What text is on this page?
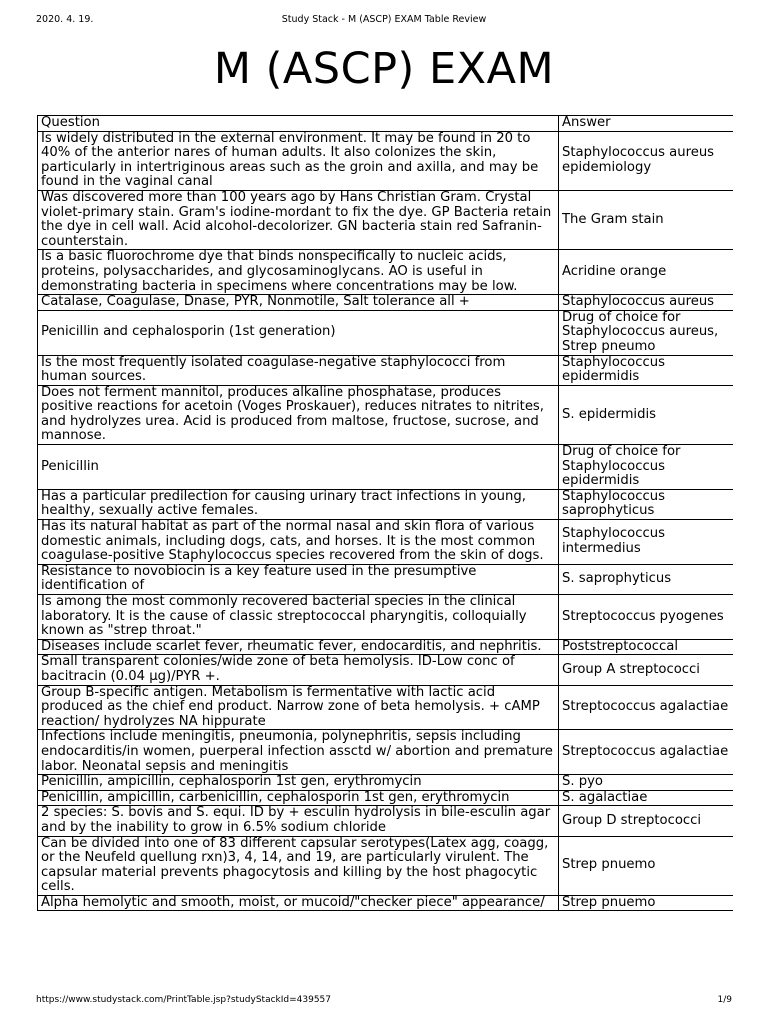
2020. 4. 19.	Study Stack - M (ASCP) EXAM Table Review
M (ASCP) EXAM
Question	Answer
Is widely distributed in the external environment. It may be found in 20 to 40% of the anterior nares of human adults. It also colonizes the skin, particularly in intertriginous areas such as the groin and axilla, and may be found in the vaginal canal	Staphylococcus aureus epidemiology
Was discovered more than 100 years ago by Hans Christian Gram. Crystal violet-primary stain. Gram's iodine-mordant to fix the dye. GP Bacteria retain the dye in cell wall. Acid alcohol-decolorizer. GN bacteria stain red Safranin-counterstain.	The Gram stain
Is a basic fluorochrome dye that binds nonspecifically to nucleic acids, proteins, polysaccharides, and glycosaminoglycans. AO is useful in demonstrating bacteria in specimens where concentrations may be low.	Acridine orange
Catalase, Coagulase, Dnase, PYR, Nonmotile, Salt tolerance all +	Staphylococcus aureus
Penicillin and cephalosporin (1st generation)	Drug of choice for Staphylococcus aureus, Strep pneumo
Is the most frequently isolated coagulase-negative staphylococci from human sources.	Staphylococcus epidermidis
Does not ferment mannitol, produces alkaline phosphatase, produces positive reactions for acetoin (Voges Proskauer), reduces nitrates to nitrites, and hydrolyzes urea. Acid is produced from maltose, fructose, sucrose, and mannose.	S. epidermidis
Penicillin	Drug of choice for Staphylococcus epidermidis
Has a particular predilection for causing urinary tract infections in young, healthy, sexually active females.	Staphylococcus saprophyticus
Has its natural habitat as part of the normal nasal and skin flora of various domestic animals, including dogs, cats, and horses. It is the most common coagulase-positive Staphylococcus species recovered from the skin of dogs.	Staphylococcus intermedius
Resistance to novobiocin is a key feature used in the presumptive identification of	S. saprophyticus
Is among the most commonly recovered bacterial species in the clinical laboratory. It is the cause of classic streptococcal pharyngitis, colloquially known as "strep throat."	Streptococcus pyogenes
Diseases include scarlet fever, rheumatic fever, endocarditis, and nephritis.	Poststreptococcal
Small transparent colonies/wide zone of beta hemolysis. ID-Low conc of bacitracin (0.04 µg)/PYR +.	Group A streptococci
Group B-specific antigen. Metabolism is fermentative with lactic acid produced as the chief end product. Narrow zone of beta hemolysis. + cAMP reaction/ hydrolyzes NA hippurate	Streptococcus agalactiae
Infections include meningitis, pneumonia, polynephritis, sepsis including endocarditis/in women, puerperal infection assctd w/ abortion and premature labor. Neonatal sepsis and meningitis	Streptococcus agalactiae
Penicillin, ampicillin, cephalosporin 1st gen, erythromycin	S. pyo
Penicillin, ampicillin, carbenicillin, cephalosporin 1st gen, erythromycin	S. agalactiae
2 species: S. bovis and S. equi. ID by + esculin hydrolysis in bile-esculin agar and by the inability to grow in 6.5% sodium chloride	Group D streptococci
Can be divided into one of 83 different capsular serotypes(Latex agg, coagg, or the Neufeld quellung rxn)3, 4, 14, and 19, are particularly virulent. The capsular material prevents phagocytosis and killing by the host phagocytic cells.	Strep pnuemo
Alpha hemolytic and smooth, moist, or mucoid/"checker piece" appearance/	Strep pnuemo
https://www.studystack.com/PrintTable.jsp?studyStackId=439557	1/9
